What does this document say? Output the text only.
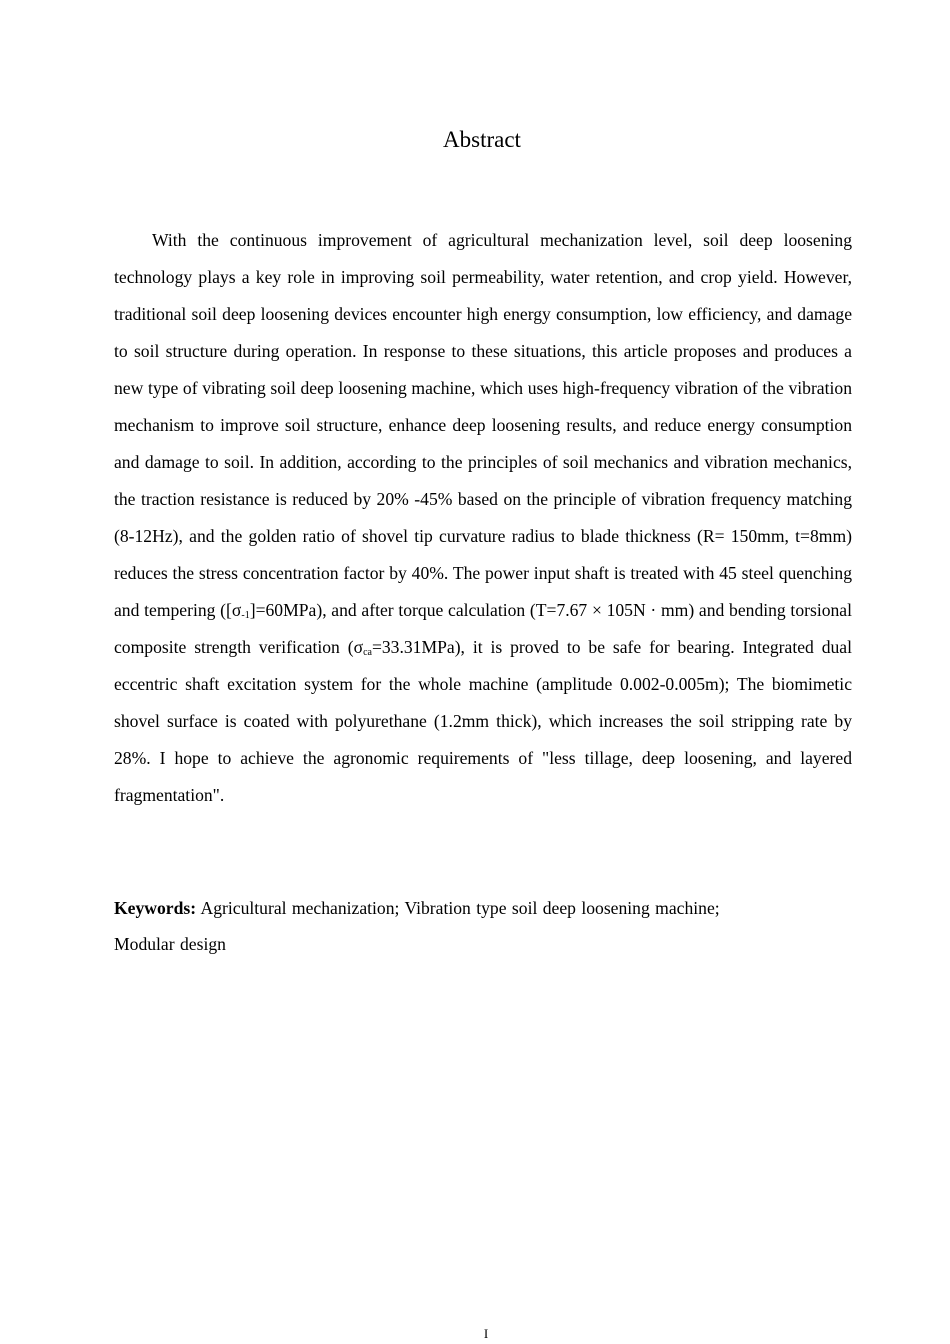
Abstract

With the continuous improvement of agricultural mechanization level, soil deep loosening technology plays a key role in improving soil permeability, water retention, and crop yield. However, traditional soil deep loosening devices encounter high energy consumption, low efficiency, and damage to soil structure during operation. In response to these situations, this article proposes and produces a new type of vibrating soil deep loosening machine, which uses high-frequency vibration of the vibration mechanism to improve soil structure, enhance deep loosening results, and reduce energy consumption and damage to soil. In addition, according to the principles of soil mechanics and vibration mechanics, the traction resistance is reduced by 20% -45% based on the principle of vibration frequency matching (8-12Hz), and the golden ratio of shovel tip curvature radius to blade thickness (R= 150mm, t=8mm) reduces the stress concentration factor by 40%. The power input shaft is treated with 45 steel quenching and tempering $([\sigma_{-1}]=60MPa)$, and after torque calculation (T=7.67 × 105N · mm) and bending torsional composite strength verification $(\sigma_{ca}=33.31MPa)$, it is proved to be safe for bearing. Integrated dual eccentric shaft excitation system for the whole machine (amplitude 0.002-0.005m); The biomimetic shovel surface is coated with polyurethane (1.2mm thick), which increases the soil stripping rate by 28%. I hope to achieve the agronomic requirements of "less tillage, deep loosening, and layered fragmentation".

Keywords: Agricultural mechanization; Vibration type soil deep loosening machine;
Modular design

I
